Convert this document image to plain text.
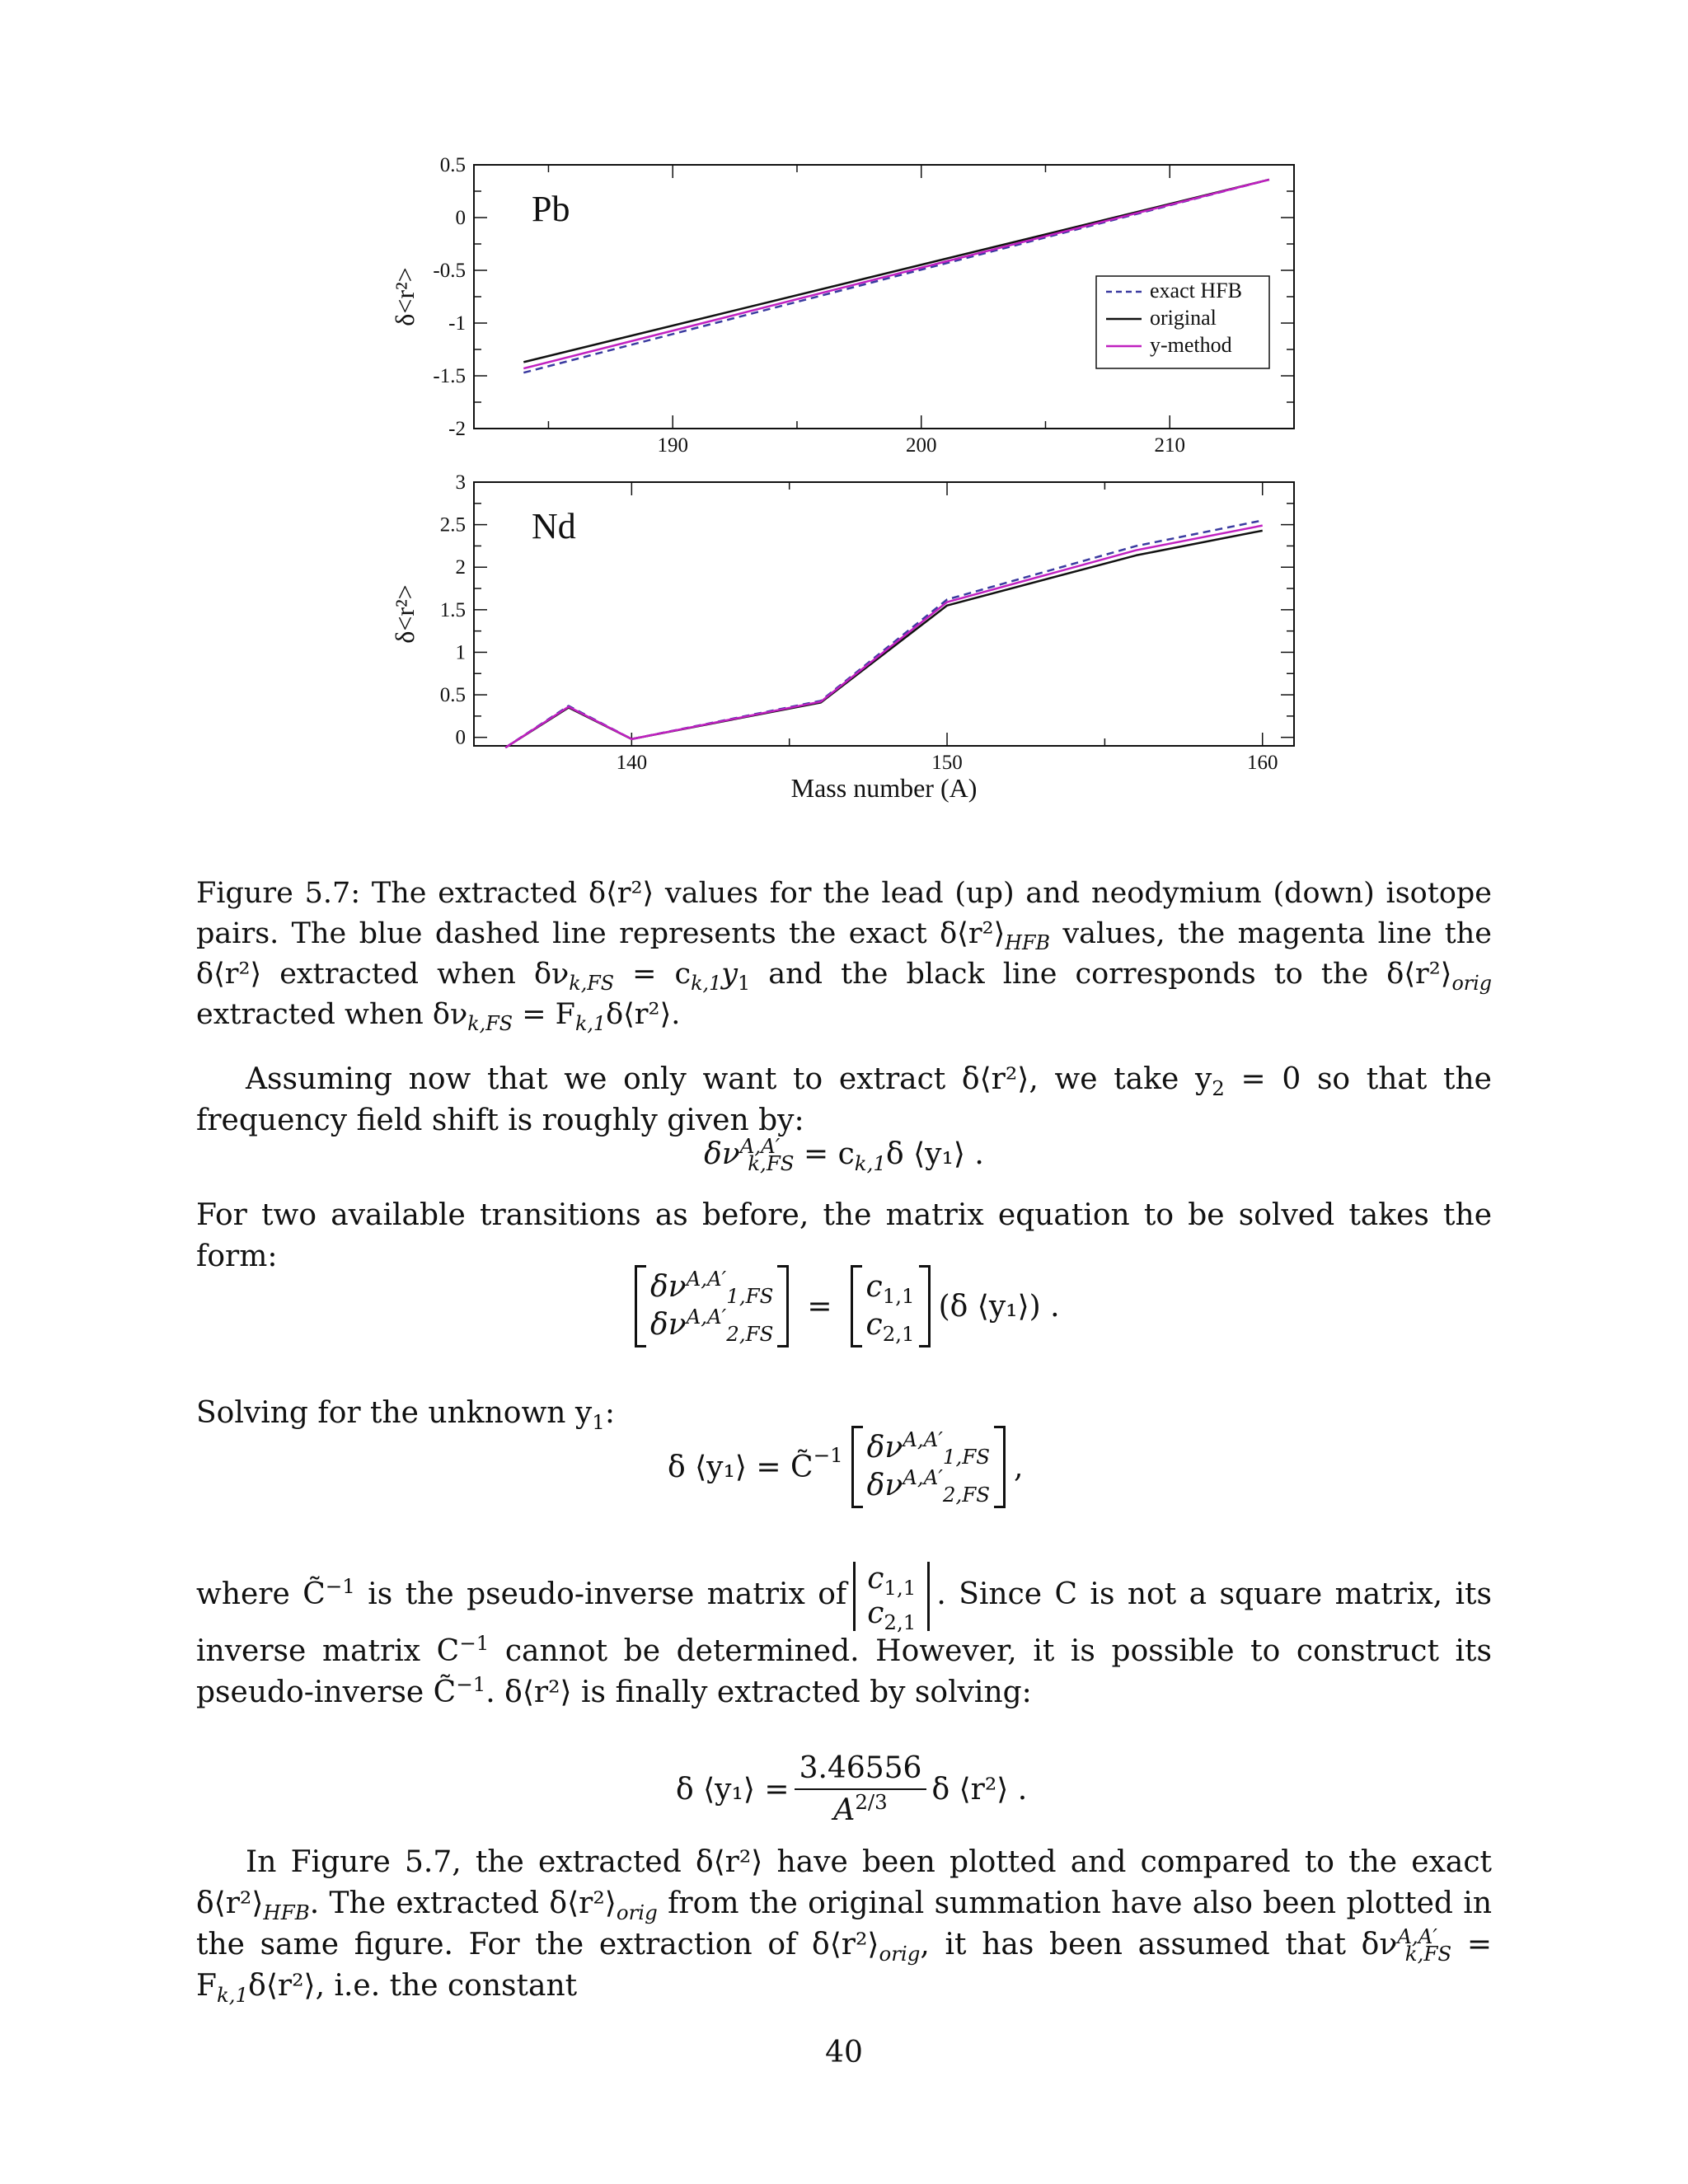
190	200	210
0.5
0
-0.5
-1
-1.5
-2
δ<r²>
Pb
exact HFB
original
y-method
140	150	160
3
2.5
2
1.5
1
0.5
0
δ<r²>
Mass number (A)
Nd

Figure 5.7: The extracted δ⟨r²⟩ values for the lead (up) and neodymium (down) isotope pairs. The blue dashed line represents the exact $\delta⟨r^2⟩_{HFB}$ values, the magenta line the δ⟨r²⟩ extracted when $\delta\nu_{k,FS} = c_{k,1}y_1$ and the black line corresponds to the $\delta⟨r^2⟩_{orig}$ extracted when $\delta\nu_{k,FS}$ = $F_{k,1}\delta⟨r^2⟩$.

Assuming now that we only want to extract δ⟨r²⟩, we take $y_2 = 0$ so that the frequency field shift is roughly given by:

$\delta\nu^{A,A'}_{k,FS} = c_{k,1}\delta$ ⟨y₁⟩ .

For two available transitions as before, the matrix equation to be solved takes the form:

$\delta\nu^{A,A'}_{1,FS}$
$\delta\nu^{A,A'}_{2,FS}$
=
$c_{1,1}$
$c_{2,1}$
(δ ⟨y₁⟩) .

Solving for the unknown $y_1$:

δ ⟨y₁⟩ = C̃$^{-1}$ $\delta\nu^{A,A'}_{1,FS}$
$\delta\nu^{A,A'}_{2,FS}$
,

where C̃$^{-1}$ is the pseudo-inverse matrix of $c_{1,1}$
$c_{2,1}$
. Since C is not a square matrix, its inverse matrix $C^{-1}$ cannot be determined. However, it is possible to construct its pseudo-inverse C̃$^{-1}$. δ⟨r²⟩ is finally extracted by solving:

δ ⟨y₁⟩ = $\frac{3.46556}{A^{2/3}}$ δ ⟨r²⟩ .

In Figure 5.7, the extracted δ⟨r²⟩ have been plotted and compared to the exact $\delta⟨r^2⟩_{HFB}$. The extracted $\delta⟨r^2⟩_{orig}$ from the original summation have also been plotted in the same figure. For the extraction of $\delta⟨r^2⟩_{orig}$, it has been assumed that $\delta\nu^{A,A'}_{k,FS}$ = $F_{k,1}\delta⟨r^2⟩$, i.e. the constant

40
